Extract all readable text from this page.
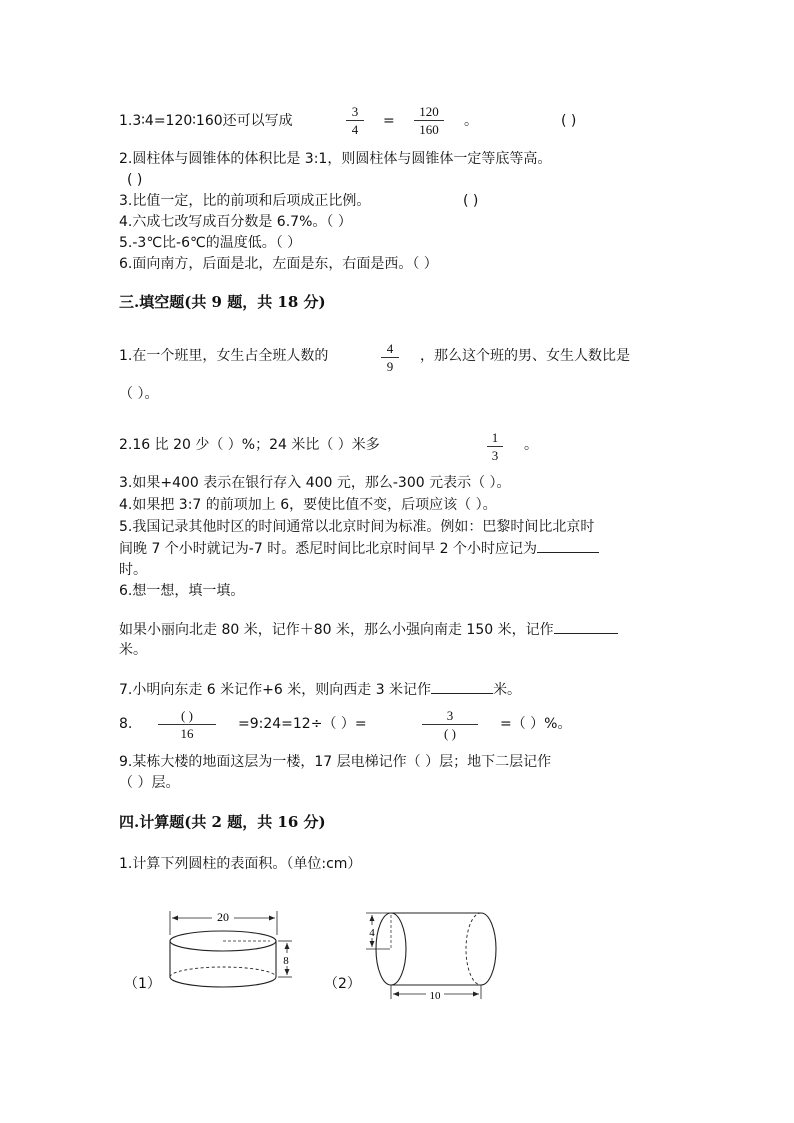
1.3∶4=120∶160还可以写成
3
4
=
120
160
。	( )
2.圆柱体与圆锥体的体积比是 3:1，则圆柱体与圆锥体一定等底等高。
( )
3.比值一定，比的前项和后项成正比例。	( )
4.六成七改写成百分数是 6.7%。（ ）
5.-3℃比-6℃的温度低。（ ）
6.面向南方，后面是北，左面是东，右面是西。（ ）
三.填空题(共 9 题，共 18 分)
1.在一个班里，女生占全班人数的	4
9
，那么这个班的男、女生人数比是
（ ）。
2.16 比 20 少（ ）%；24 米比（ ）米多	1
3
。
3.如果+400 表示在银行存入 400 元，那么-300 元表示（ ）。
4.如果把 3:7 的前项加上 6，要使比值不变，后项应该（ ）。
5.我国记录其他时区的时间通常以北京时间为标准。例如：巴黎时间比北京时
间晚 7 个小时就记为-7 时。悉尼时间比北京时间早 2 个小时应记为
时。
6.想一想，填一填。
如果小丽向北走 80 米，记作＋80 米，那么小强向南走 150 米，记作
米。
7.小明向东走 6 米记作+6 米，则向西走 3 米记作	米。
8.
( )
16
=9:24=12÷（ ）=
3
( )
=（ ）%。
9.某栋大楼的地面这层为一楼，17 层电梯记作（ ）层；地下二层记作
（ ）层。
四.计算题(共 2 题，共 16 分)
1.计算下列圆柱的表面积。（单位:cm）
（1）
20
8
（2）
4
10
